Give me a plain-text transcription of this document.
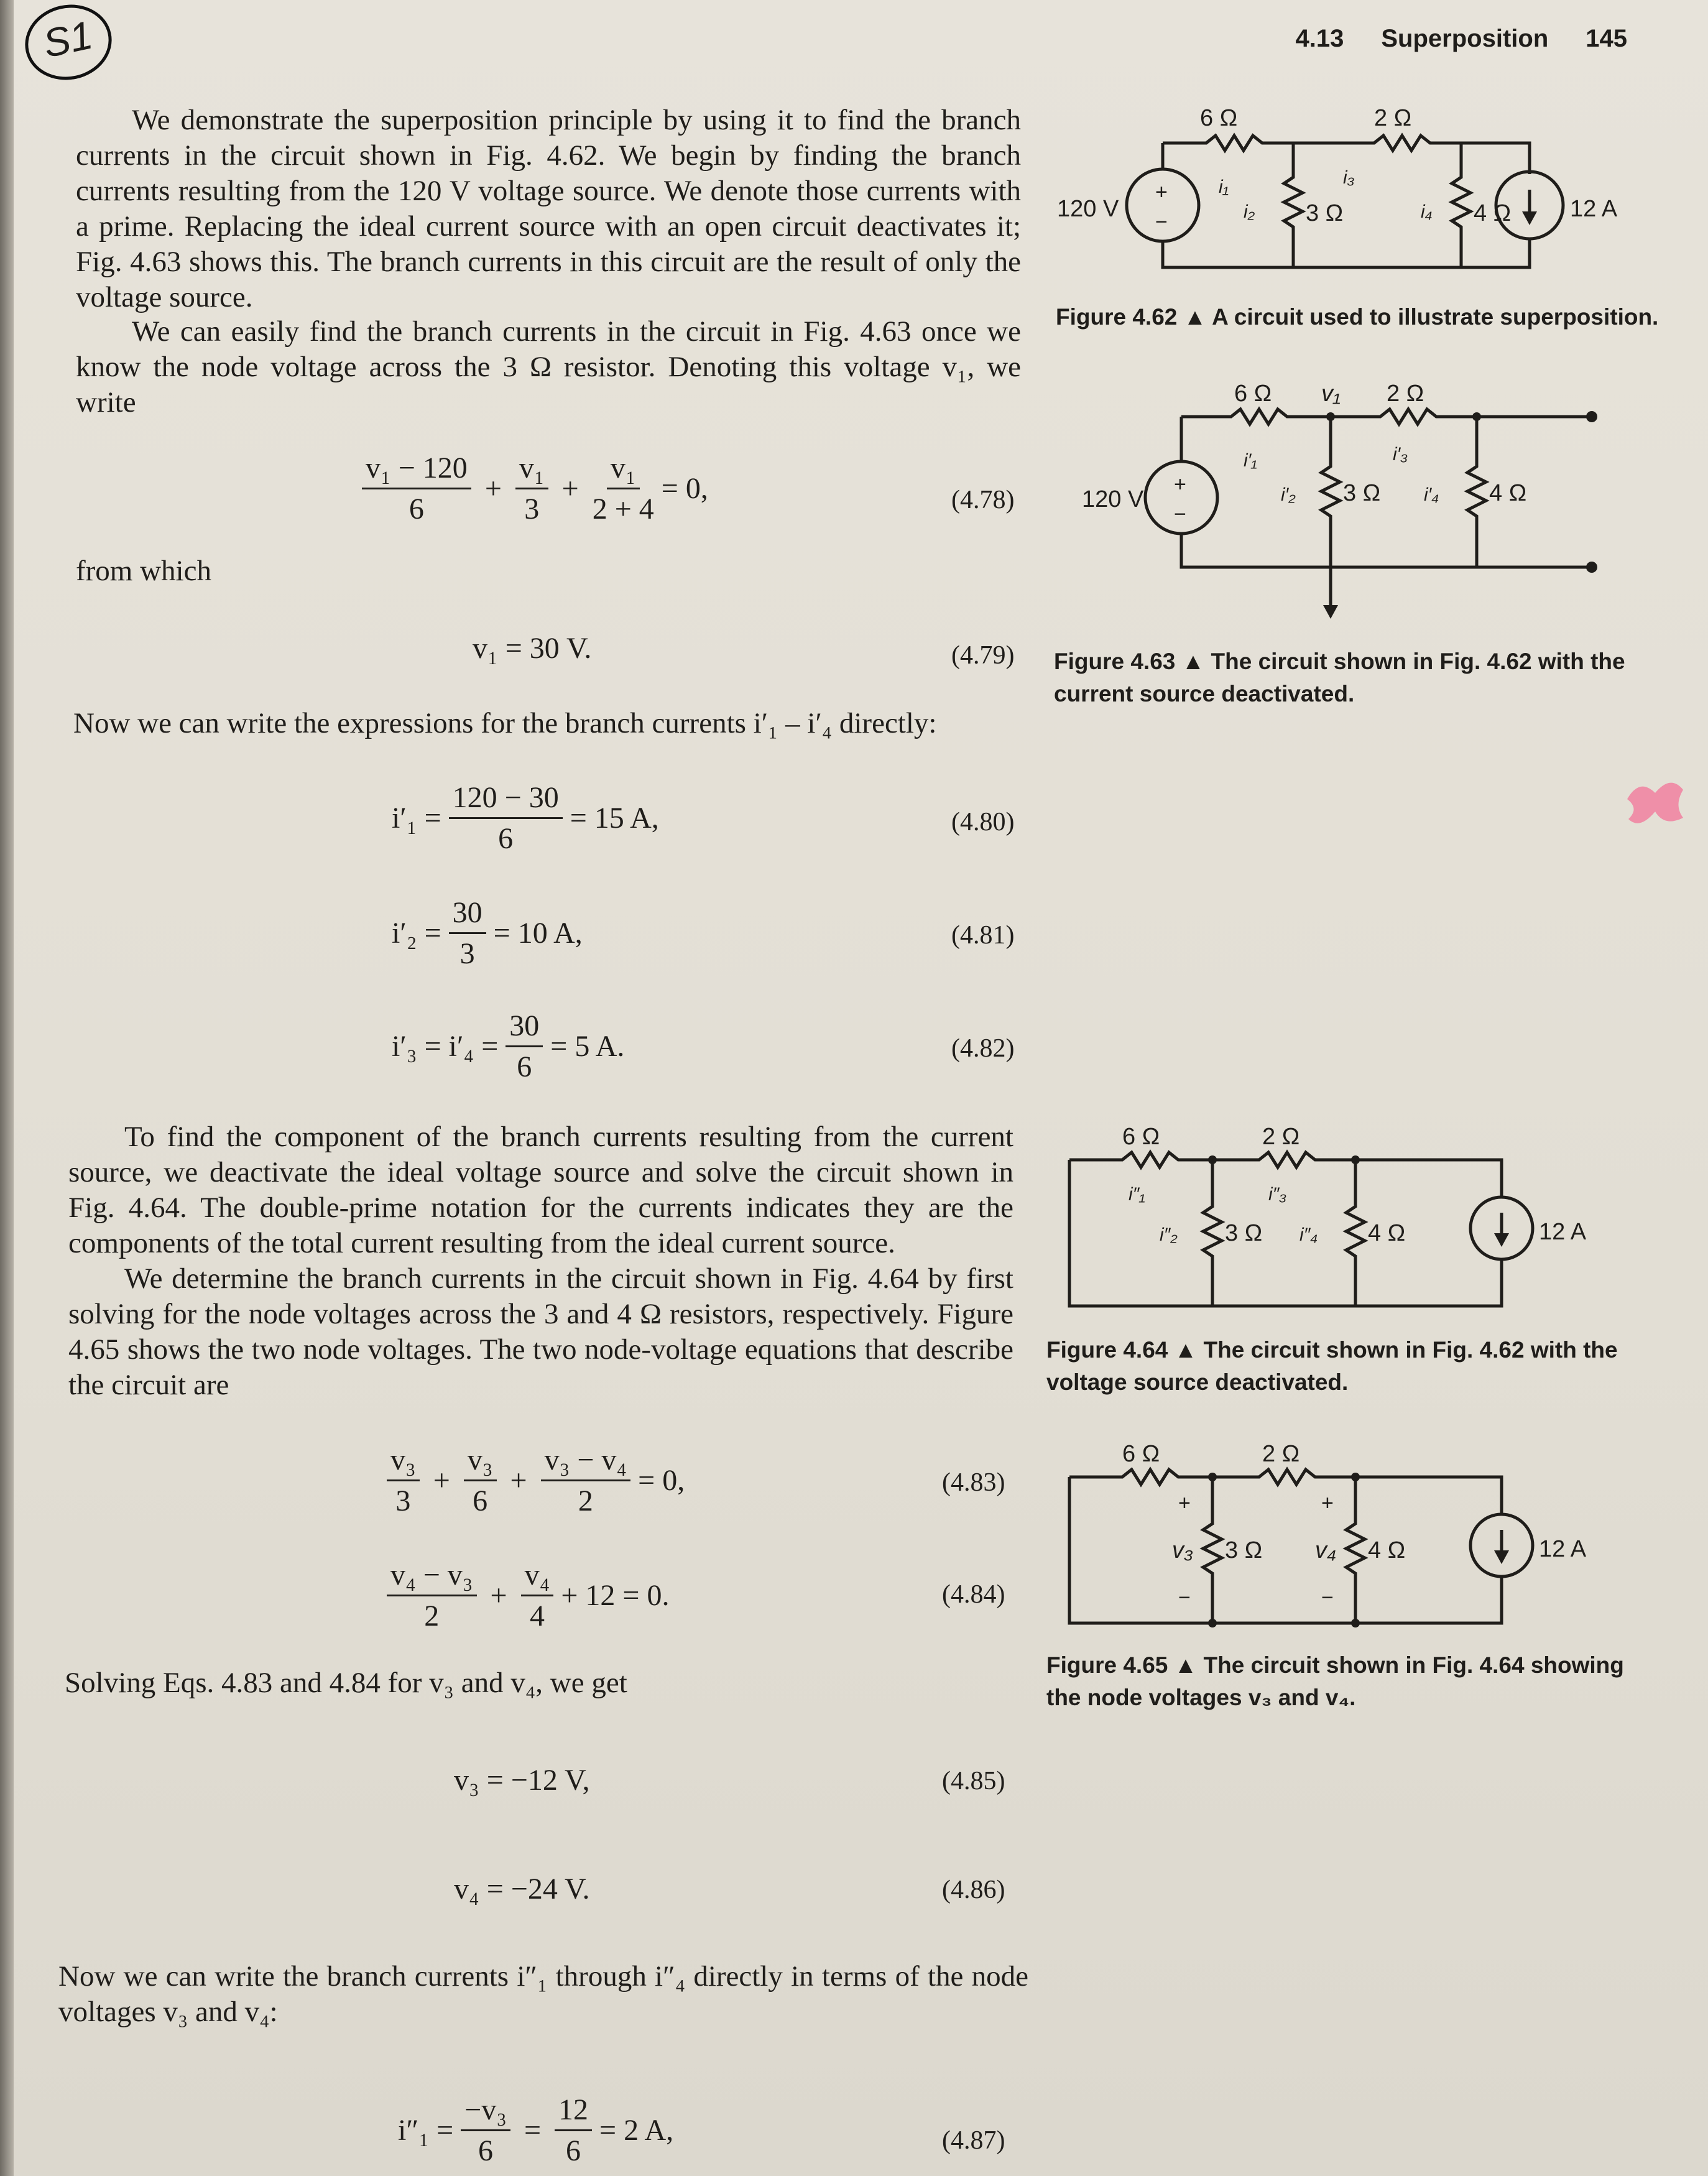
S1	4.13 Superposition 145
We demonstrate the superposition principle by using it to find the branch currents in the circuit shown in Fig. 4.62. We begin by finding the branch currents resulting from the 120 V voltage source. We denote those currents with a prime. Replacing the ideal current source with an open circuit deactivates it; Fig. 4.63 shows this. The branch currents in this circuit are the result of only the voltage source.
We can easily find the branch currents in the circuit in Fig. 4.63 once we know the node voltage across the 3 Ω resistor. Denoting this voltage v₁, we write
$\frac{\text{v₁ − 120}}{6} + \frac{\text{v₁}}{3} + \frac{\text{v₁}}{2 + 4} = 0$,	(4.78)
from which
v₁ = 30 V.	(4.79)
Now we can write the expressions for the branch currents i′₁ – i′₄ directly:
$i'_1 = \frac{120 - 30}{6} = 15$ A,	(4.80)
$i'_2 = \frac{30}{3} = 10$ A,	(4.81)
$i'_3 = i'_4 = \frac{30}{6} = 5$ A.	(4.82)
To find the component of the branch currents resulting from the current source, we deactivate the ideal voltage source and solve the circuit shown in Fig. 4.64. The double-prime notation for the currents indicates they are the components of the total current resulting from the ideal current source.
We determine the branch currents in the circuit shown in Fig. 4.64 by first solving for the node voltages across the 3 and 4 Ω resistors, respectively. Figure 4.65 shows the two node voltages. The two node-voltage equations that describe the circuit are
$\frac{\text{v₃}}{3} + \frac{\text{v₃}}{6} + \frac{\text{v₃ − v₄}}{2} = 0$,	(4.83)
$\frac{\text{v₄ − v₃}}{2} + \frac{\text{v₄}}{4} + 12 = 0$.	(4.84)
Solving Eqs. 4.83 and 4.84 for v₃ and v₄, we get
v₃ = −12 V,	(4.85)
v₄ = −24 V.	(4.86)
Now we can write the branch currents i″₁ through i″₄ directly in terms of the node voltages v₃ and v₄:
$i''_1 = \frac{\text{−v₃}}{6} = \frac{12}{6} = 2$ A,	(4.87)
6 Ω	2 Ω
3 Ω	4 Ω
120 V	12 A
+
−
i₁
i₂
i₃
i₄
Figure 4.62 ▲ A circuit used to illustrate superposition.
6 Ω	2 Ω
v₁
3 Ω	4 Ω
120 V
+
−
i′₁
i′₂
i′₃
i′₄
Figure 4.63 ▲ The circuit shown in Fig. 4.62 with the current source deactivated.
6 Ω	2 Ω
3 Ω	4 Ω	12 A
i″₁
i″₂
i″₃
i″₄
Figure 4.64 ▲ The circuit shown in Fig. 4.62 with the voltage source deactivated.
6 Ω	2 Ω
3 Ω	4 Ω	12 A
v₃	v₄
+
−
+
−
Figure 4.65 ▲ The circuit shown in Fig. 4.64 showing the node voltages v₃ and v₄.
